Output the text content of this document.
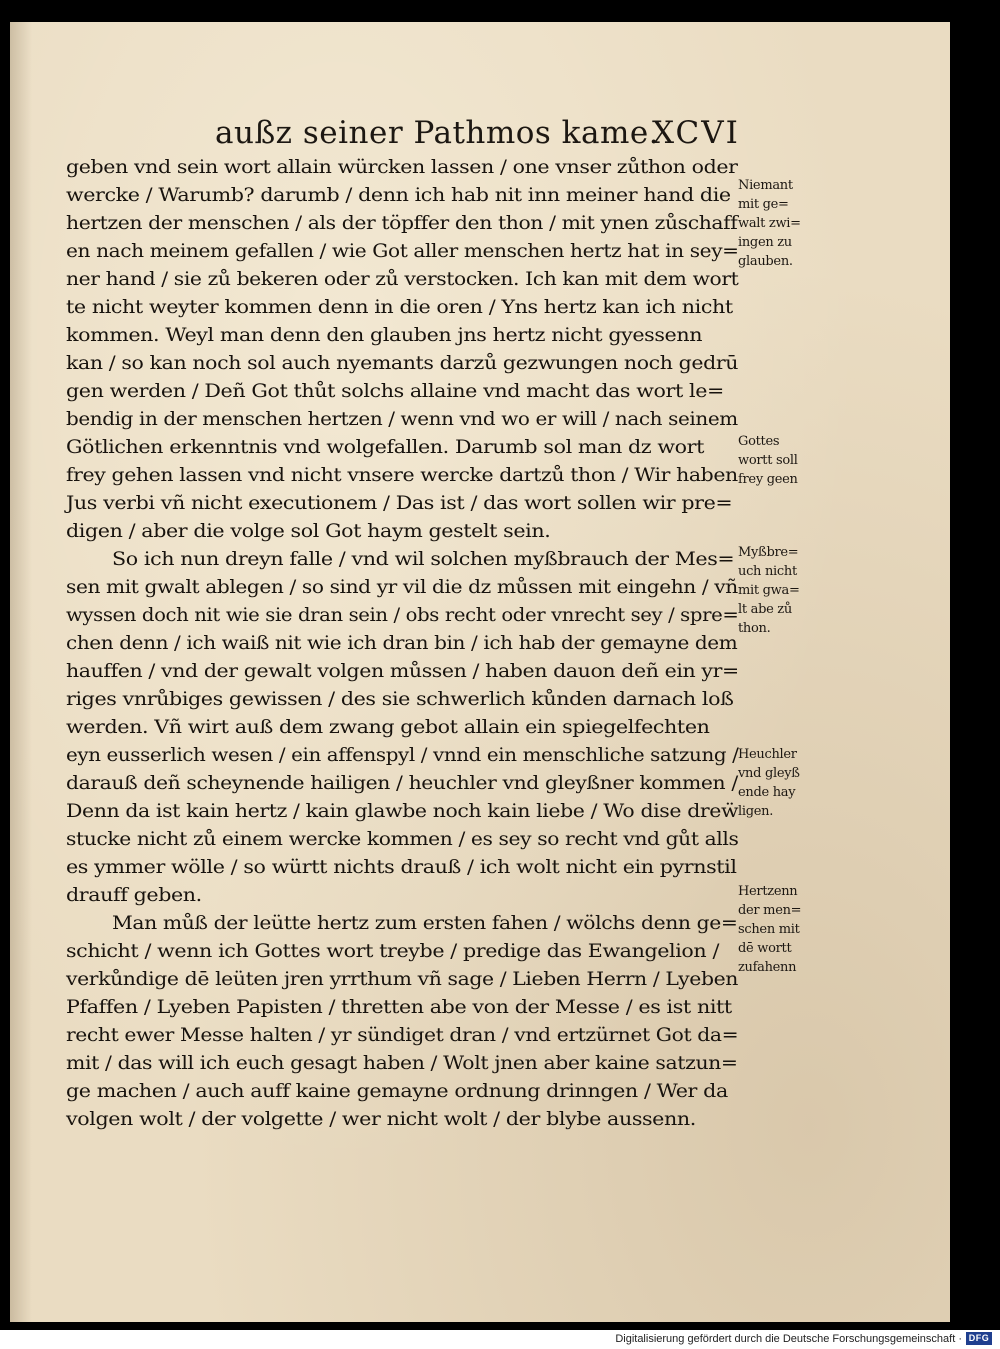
außz seiner Pathmos kame.
XCVI
geben vnd sein wort allain würcken lassen / one vnser zůthon oder
wercke / Warumb? darumb / denn ich hab nit inn meiner hand die
hertzen der menschen / als der töpffer den thon / mit ynen zůschaff
en nach meinem gefallen / wie Got aller menschen hertz hat in sey=
ner hand / sie zů bekeren oder zů verstocken. Ich kan mit dem wort
te nicht weyter kommen denn in die oren / Yns hertz kan ich nicht
kommen. Weyl man denn den glauben jns hertz nicht gyessenn
kan / so kan noch sol auch nyemants darzů gezwungen noch gedrū
gen werden / Deñ Got thůt solchs allaine vnd macht das wort le=
bendig in der menschen hertzen / wenn vnd wo er will / nach seinem
Götlichen erkenntnis vnd wolgefallen. Darumb sol man dz wort
frey gehen lassen vnd nicht vnsere wercke dartzů thon / Wir haben
Jus verbi vñ nicht executionem / Das ist / das wort sollen wir pre=
digen / aber die volge sol Got haym gestelt sein.
So ich nun dreyn falle / vnd wil solchen myßbrauch der Mes=
sen mit gwalt ablegen / so sind yr vil die dz můssen mit eingehn / vñ
wyssen doch nit wie sie dran sein / obs recht oder vnrecht sey / spre=
chen denn / ich waiß nit wie ich dran bin / ich hab der gemayne dem
hauffen / vnd der gewalt volgen můssen / haben dauon deñ ein yr=
riges vnrůbiges gewissen / des sie schwerlich kůnden darnach loß
werden. Vñ wirt auß dem zwang gebot allain ein spiegelfechten
eyn eusserlich wesen / ein affenspyl / vnnd ein menschliche satzung /
darauß deñ scheynende hailigen / heuchler vnd gleyßner kommen /
Denn da ist kain hertz / kain glawbe noch kain liebe / Wo dise dreẅ
stucke nicht zů einem wercke kommen / es sey so recht vnd gůt alls
es ymmer wölle / so württ nichts drauß / ich wolt nicht ein pyrnstil
drauff geben.
Man můß der leütte hertz zum ersten fahen / wölchs denn ge=
schicht / wenn ich Gottes wort treybe / predige das Ewangelion /
verkůndige dē leüten jren yrrthum vñ sage / Lieben Herrn / Lyeben
Pfaffen / Lyeben Papisten / thretten abe von der Messe / es ist nitt
recht ewer Messe halten / yr sündiget dran / vnd ertzürnet Got da=
mit / das will ich euch gesagt haben / Wolt jnen aber kaine satzun=
ge machen / auch auff kaine gemayne ordnung drinngen / Wer da
volgen wolt / der volgette / wer nicht wolt / der blybe aussenn.
Niemant
mit ge=
walt zwi=
ingen zu
glauben.
Gottes
wortt soll
frey geen
Myßbre=
uch nicht
mit gwa=
lt abe zů
thon.
Heuchler
vnd gleyß
ende hay
ligen.
Hertzenn
der men=
schen mit
dē wortt
zufahenn
Digitalisierung gefördert durch die Deutsche Forschungsgemeinschaft · DFG
